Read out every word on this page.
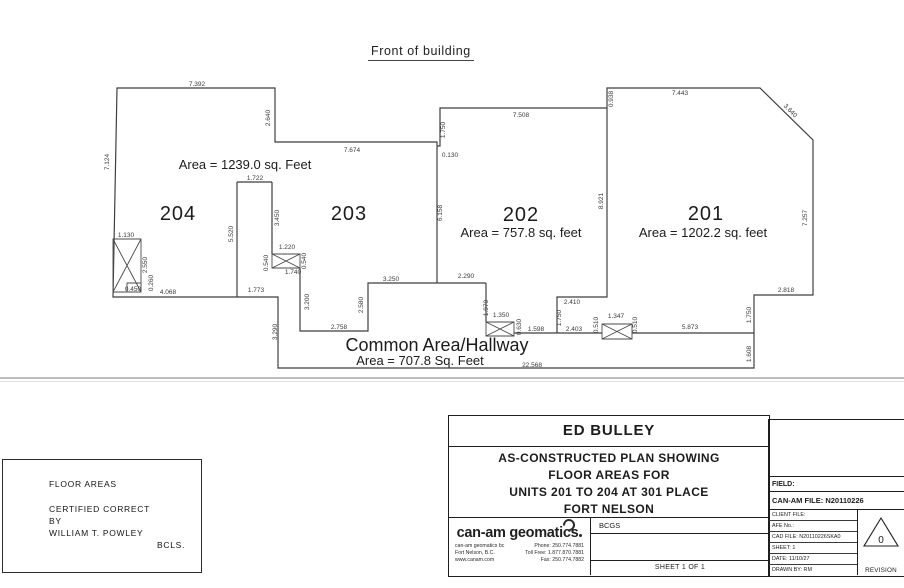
Front of building
7.392
2.640
7.674
7.124
1.722
1.750
0.130
7.508
0.938	7.443
3.640
7.257
5.520
3.450	6.158
8.921
1.130
2.550
0.260
0.450	4.068	1.773
1.220
0.540	0.540
1.740
3.200
3.290	2.758
2.580
3.250	2.290
1.970 1.350
0.630 1.598
2.410
1.750
2.403 0.510
1.347
0.510	5.873
2.818
1.750
1.608
22.568
204	203	202	201
Area = 1239.0 sq. Feet
Area = 757.8 sq. feet	Area = 1202.2 sq. feet
Common Area/Hallway
Area = 707.8 Sq. Feet
FLOOR AREAS
CERTIFIED CORRECT
BY
WILLIAM T. POWLEY
BCLS.
ED BULLEY
AS-CONSTRUCTED PLAN SHOWING
FLOOR AREAS FOR
UNITS 201 TO 204 AT 301 PLACE
FORT NELSON
can-am geomatics
can-am geomatics bc	Phone: 250.774.7881
Fort Nelson, B.C.	Toll Free: 1.877.870.7881
www.canam.com	Fax: 250.774.7882
BCGS
SHEET 1 OF 1
FIELD:
CAN-AM FILE: N20110226
CLIENT FILE:
AFE No.:
CAD FILE: N20110226SKA0
SHEET: 1
DATE: 11/10/27
DRAWN BY: RM
0
REVISION
